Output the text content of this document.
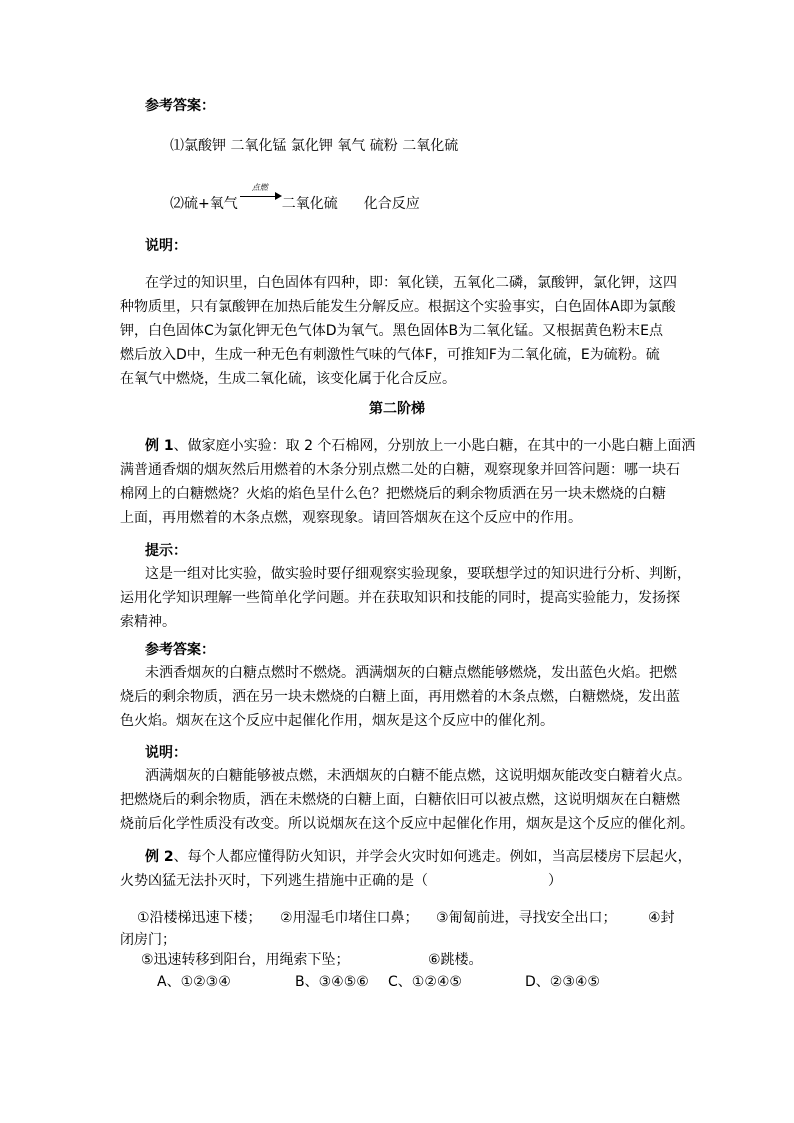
参考答案：
⑴氯酸钾 二氧化锰 氯化钾 氧气 硫粉 二氧化硫
⑵硫+氧气
点燃
二氧化硫 化合反应
说明：
在学过的知识里，白色固体有四种，即：氧化镁，五氧化二磷，氯酸钾，氯化钾，这四
种物质里，只有氯酸钾在加热后能发生分解反应。根据这个实验事实，白色固体A即为氯酸
钾，白色固体C为氯化钾无色气体D为氧气。黑色固体B为二氧化锰。又根据黄色粉末E点
燃后放入D中，生成一种无色有刺激性气味的气体F，可推知F为二氧化硫，E为硫粉。硫
在氧气中燃烧，生成二氧化硫，该变化属于化合反应。
第二阶梯
例 1、做家庭小实验：取 2 个石棉网，分别放上一小匙白糖，在其中的一小匙白糖上面洒
满普通香烟的烟灰然后用燃着的木条分别点燃二处的白糖，观察现象并回答问题：哪一块石
棉网上的白糖燃烧？火焰的焰色呈什么色？把燃烧后的剩余物质洒在另一块未燃烧的白糖
上面，再用燃着的木条点燃，观察现象。请回答烟灰在这个反应中的作用。
提示：
这是一组对比实验，做实验时要仔细观察实验现象，要联想学过的知识进行分析、判断，
运用化学知识理解一些简单化学问题。并在获取知识和技能的同时，提高实验能力，发扬探
索精神。
参考答案：
未洒香烟灰的白糖点燃时不燃烧。洒满烟灰的白糖点燃能够燃烧，发出蓝色火焰。把燃
烧后的剩余物质，洒在另一块未燃烧的白糖上面，再用燃着的木条点燃，白糖燃烧，发出蓝
色火焰。烟灰在这个反应中起催化作用，烟灰是这个反应中的催化剂。
说明：
洒满烟灰的白糖能够被点燃，未洒烟灰的白糖不能点燃，这说明烟灰能改变白糖着火点。
把燃烧后的剩余物质，洒在未燃烧的白糖上面，白糖依旧可以被点燃，这说明烟灰在白糖燃
烧前后化学性质没有改变。所以说烟灰在这个反应中起催化作用，烟灰是这个反应的催化剂。
例 2、每个人都应懂得防火知识，并学会火灾时如何逃走。例如，当高层楼房下层起火，
火势凶猛无法扑灭时，下列逃生措施中正确的是（	）
①沿楼梯迅速下楼； ②用湿毛巾堵住口鼻； ③匍匐前进，寻找安全出口； ④封
闭房门；
⑤迅速转移到阳台，用绳索下坠；	⑥跳楼。
A、①②③④	B、③④⑤⑥ C、①②④⑤	D、②③④⑤
